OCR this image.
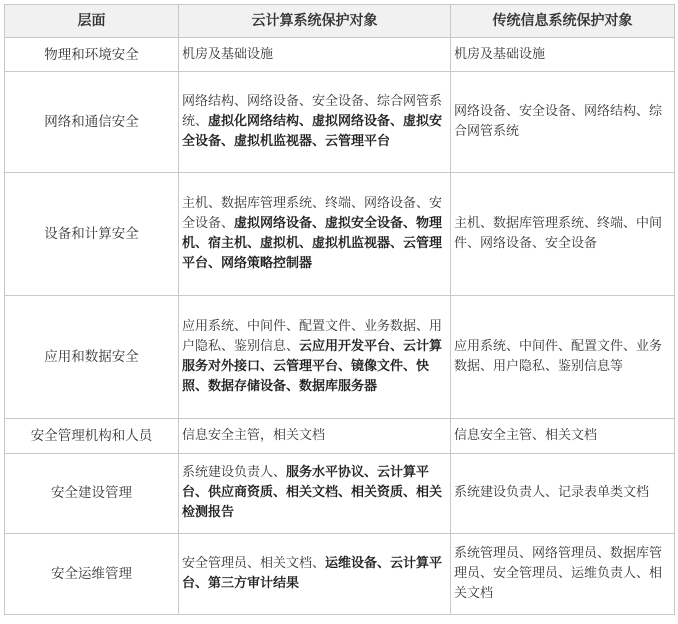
层面	云计算系统保护对象	传统信息系统保护对象
物理和环境安全	机房及基础设施	机房及基础设施
网络和通信安全	网络结构、网络设备、安全设备、综合网管系统、虚拟化网络结构、虚拟网络设备、虚拟安全设备、虚拟机监视器、云管理平台	网络设备、安全设备、网络结构、综合网管系统
设备和计算安全	主机、数据库管理系统、终端、网络设备、安全设备、虚拟网络设备、虚拟安全设备、物理机、宿主机、虚拟机、虚拟机监视器、云管理平台、网络策略控制器	主机、数据库管理系统、终端、中间件、网络设备、安全设备
应用和数据安全	应用系统、中间件、配置文件、业务数据、用户隐私、鉴别信息、云应用开发平台、云计算服务对外接口、云管理平台、镜像文件、快照、数据存储设备、数据库服务器	应用系统、中间件、配置文件、业务数据、用户隐私、鉴别信息等
安全管理机构和人员	信息安全主管，相关文档	信息安全主管、相关文档
安全建设管理	系统建设负责人、服务水平协议、云计算平台、供应商资质、相关文档、相关资质、相关检测报告	系统建设负责人、记录表单类文档
安全运维管理	安全管理员、相关文档、运维设备、云计算平台、第三方审计结果	系统管理员、网络管理员、数据库管理员、安全管理员、运维负责人、相关文档
